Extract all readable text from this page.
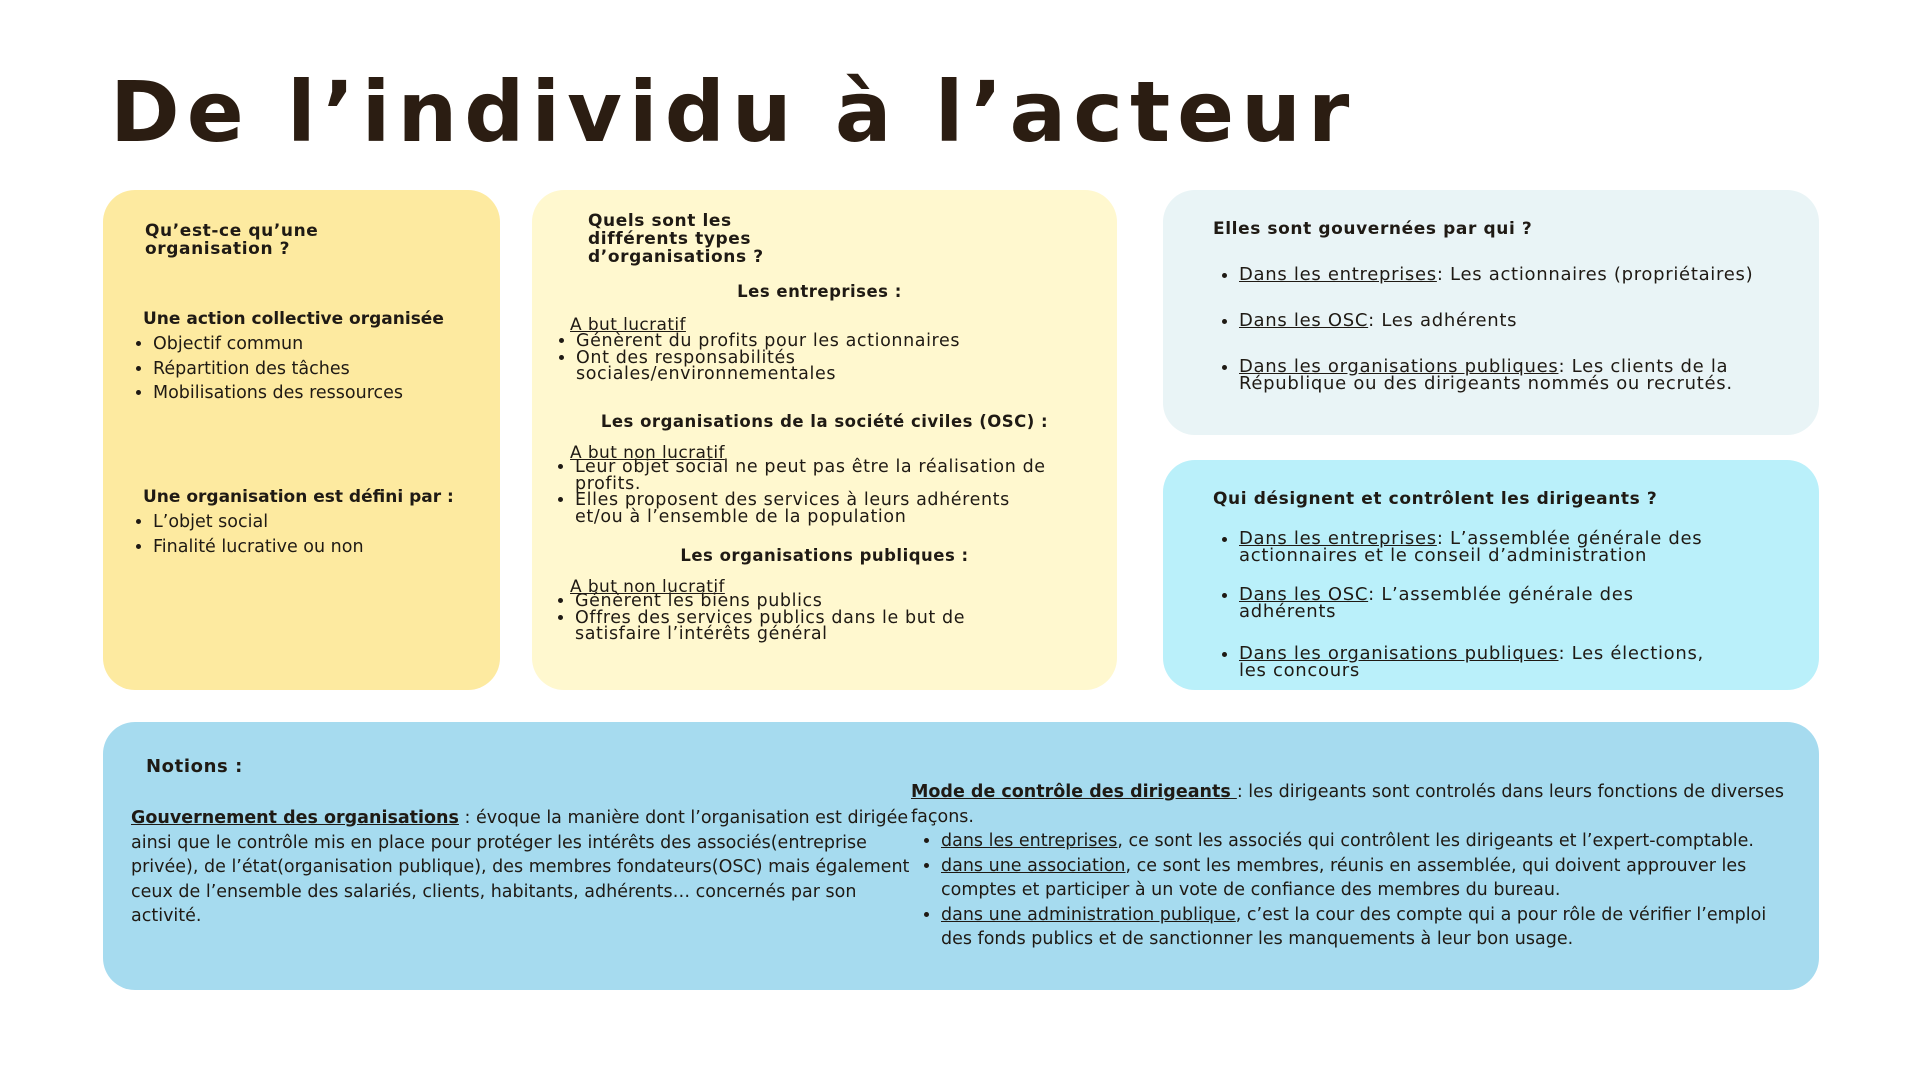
De l’individu à l’acteur

Qu’est-ce qu’une organisation ?

Une action collective organisée

• Objectif commun
• Répartition des tâches
• Mobilisations des ressources

Une organisation est défini par :

• L’objet social
• Finalité lucrative ou non

Quels sont les différents types d’organisations ?

Les entreprises :

A but lucratif

• Génèrent du profits pour les actionnaires
• Ont des responsabilités sociales/environnementales

Les organisations de la société civiles (OSC) :

A but non lucratif

• Leur objet social ne peut pas être la réalisation de profits.
• Elles proposent des services à leurs adhérents et/ou à l’ensemble de la population

Les organisations publiques :

A but non lucratif

• Génèrent les biens publics
• Offres des services publics dans le but de satisfaire l’intérêts général

Elles sont gouvernées par qui ?

• Dans les entreprises: Les actionnaires (propriétaires)
• Dans les OSC: Les adhérents
• Dans les organisations publiques: Les clients de la République ou des dirigeants nommés ou recrutés.

Qui désignent et contrôlent les dirigeants ?

• Dans les entreprises: L’assemblée générale des actionnaires et le conseil d’administration
• Dans les OSC: L’assemblée générale des adhérents
• Dans les organisations publiques: Les élections, les concours

Notions :

Gouvernement des organisations : évoque la manière dont l’organisation est dirigée ainsi que le contrôle mis en place pour protéger les intérêts des associés(entreprise privée), de l’état(organisation publique), des membres fondateurs(OSC) mais également ceux de l’ensemble des salariés, clients, habitants, adhérents… concernés par son activité.

Mode de contrôle des dirigeants : les dirigeants sont controlés dans leurs fonctions de diverses façons.

• dans les entreprises, ce sont les associés qui contrôlent les dirigeants et l’expert-comptable.
• dans une association, ce sont les membres, réunis en assemblée, qui doivent approuver les comptes et participer à un vote de confiance des membres du bureau.
• dans une administration publique, c’est la cour des compte qui a pour rôle de vérifier l’emploi des fonds publics et de sanctionner les manquements à leur bon usage.
